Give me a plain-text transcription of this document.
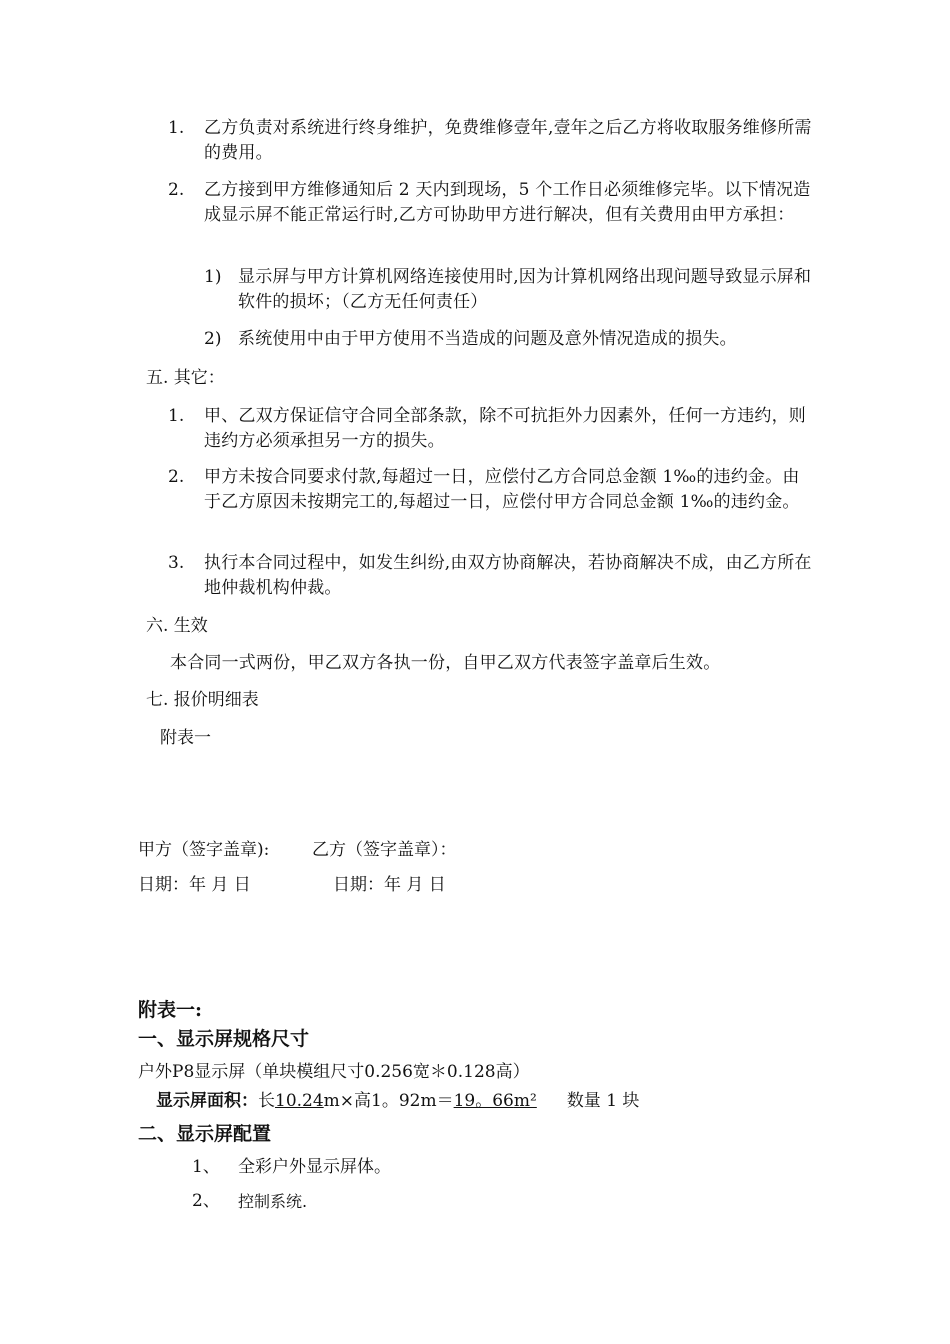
1. 乙方负责对系统进行终身维护，免费维修壹年,壹年之后乙方将收取服务维修所需的费用。
2. 乙方接到甲方维修通知后 2 天内到现场，5 个工作日必须维修完毕。以下情况造成显示屏不能正常运行时,乙方可协助甲方进行解决，但有关费用由甲方承担：
1) 显示屏与甲方计算机网络连接使用时,因为计算机网络出现问题导致显示屏和软件的损坏；（乙方无任何责任）
2) 系统使用中由于甲方使用不当造成的问题及意外情况造成的损失。
五. 其它：
1. 甲、乙双方保证信守合同全部条款，除不可抗拒外力因素外，任何一方违约，则违约方必须承担另一方的损失。
2. 甲方未按合同要求付款,每超过一日，应偿付乙方合同总金额 1‰的违约金。由于乙方原因未按期完工的,每超过一日，应偿付甲方合同总金额 1‰的违约金。
3. 执行本合同过程中，如发生纠纷,由双方协商解决，若协商解决不成，由乙方所在地仲裁机构仲裁。
六. 生效
本合同一式两份，甲乙双方各执一份，自甲乙双方代表签字盖章后生效。
七. 报价明细表
附表一
甲方（签字盖章):	乙方（签字盖章）：
日期：年 月 日	日期：年 月 日
附表一:
一、显示屏规格尺寸
户外P8显示屏（单块模组尺寸0.256宽＊0.128高）
显示屏面积：长10.24m×高1。92m＝19。66m² 数量 1 块
二、显示屏配置
1、 全彩户外显示屏体。
2、 控制系统.
